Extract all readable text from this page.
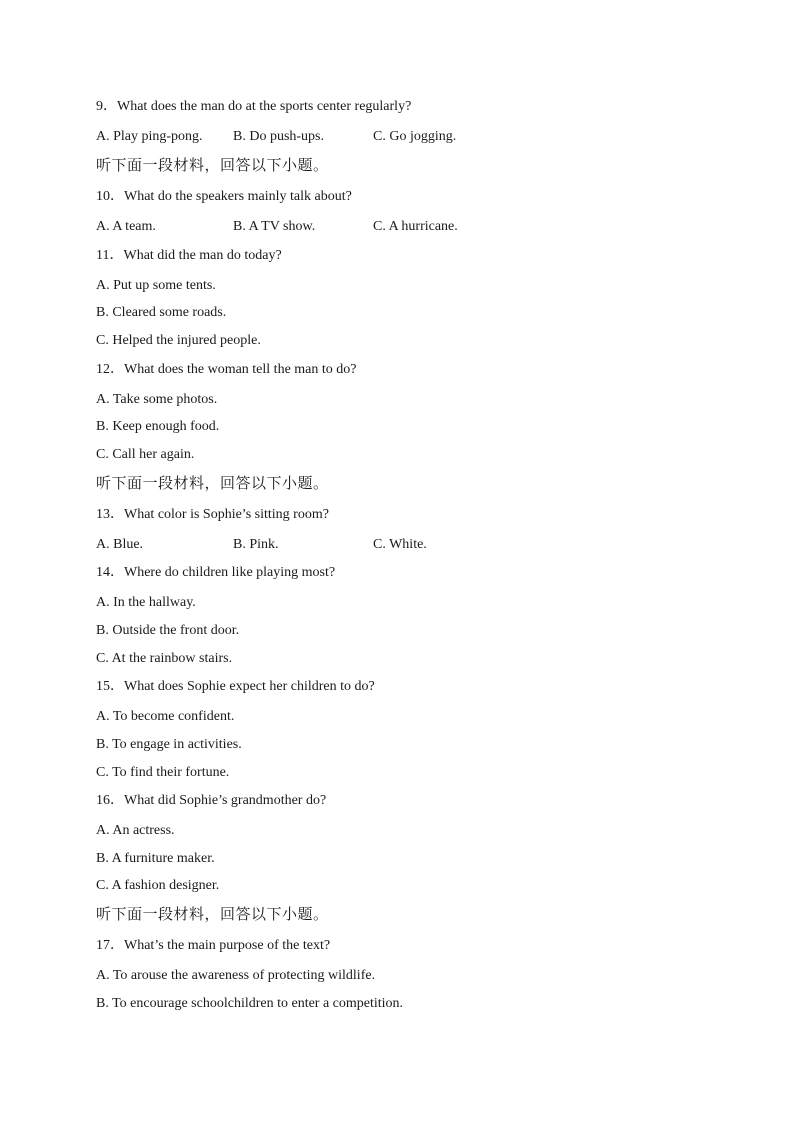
9．What does the man do at the sports center regularly?
A. Play ping-pong. B. Do push-ups.	C. Go jogging.
听下面一段材料，回答以下小题。
10．What do the speakers mainly talk about?
A. A team.	B. A TV show.	C. A hurricane.
11．What did the man do today?
A. Put up some tents.
B. Cleared some roads.
C. Helped the injured people.
12．What does the woman tell the man to do?
A. Take some photos.
B. Keep enough food.
C. Call her again.
听下面一段材料，回答以下小题。
13．What color is Sophie’s sitting room?
A. Blue.	B. Pink.	C. White.
14．Where do children like playing most?
A. In the hallway.
B. Outside the front door.
C. At the rainbow stairs.
15．What does Sophie expect her children to do?
A. To become confident.
B. To engage in activities.
C. To find their fortune.
16．What did Sophie’s grandmother do?
A. An actress.
B. A furniture maker.
C. A fashion designer.
听下面一段材料，回答以下小题。
17．What’s the main purpose of the text?
A. To arouse the awareness of protecting wildlife.
B. To encourage schoolchildren to enter a competition.
